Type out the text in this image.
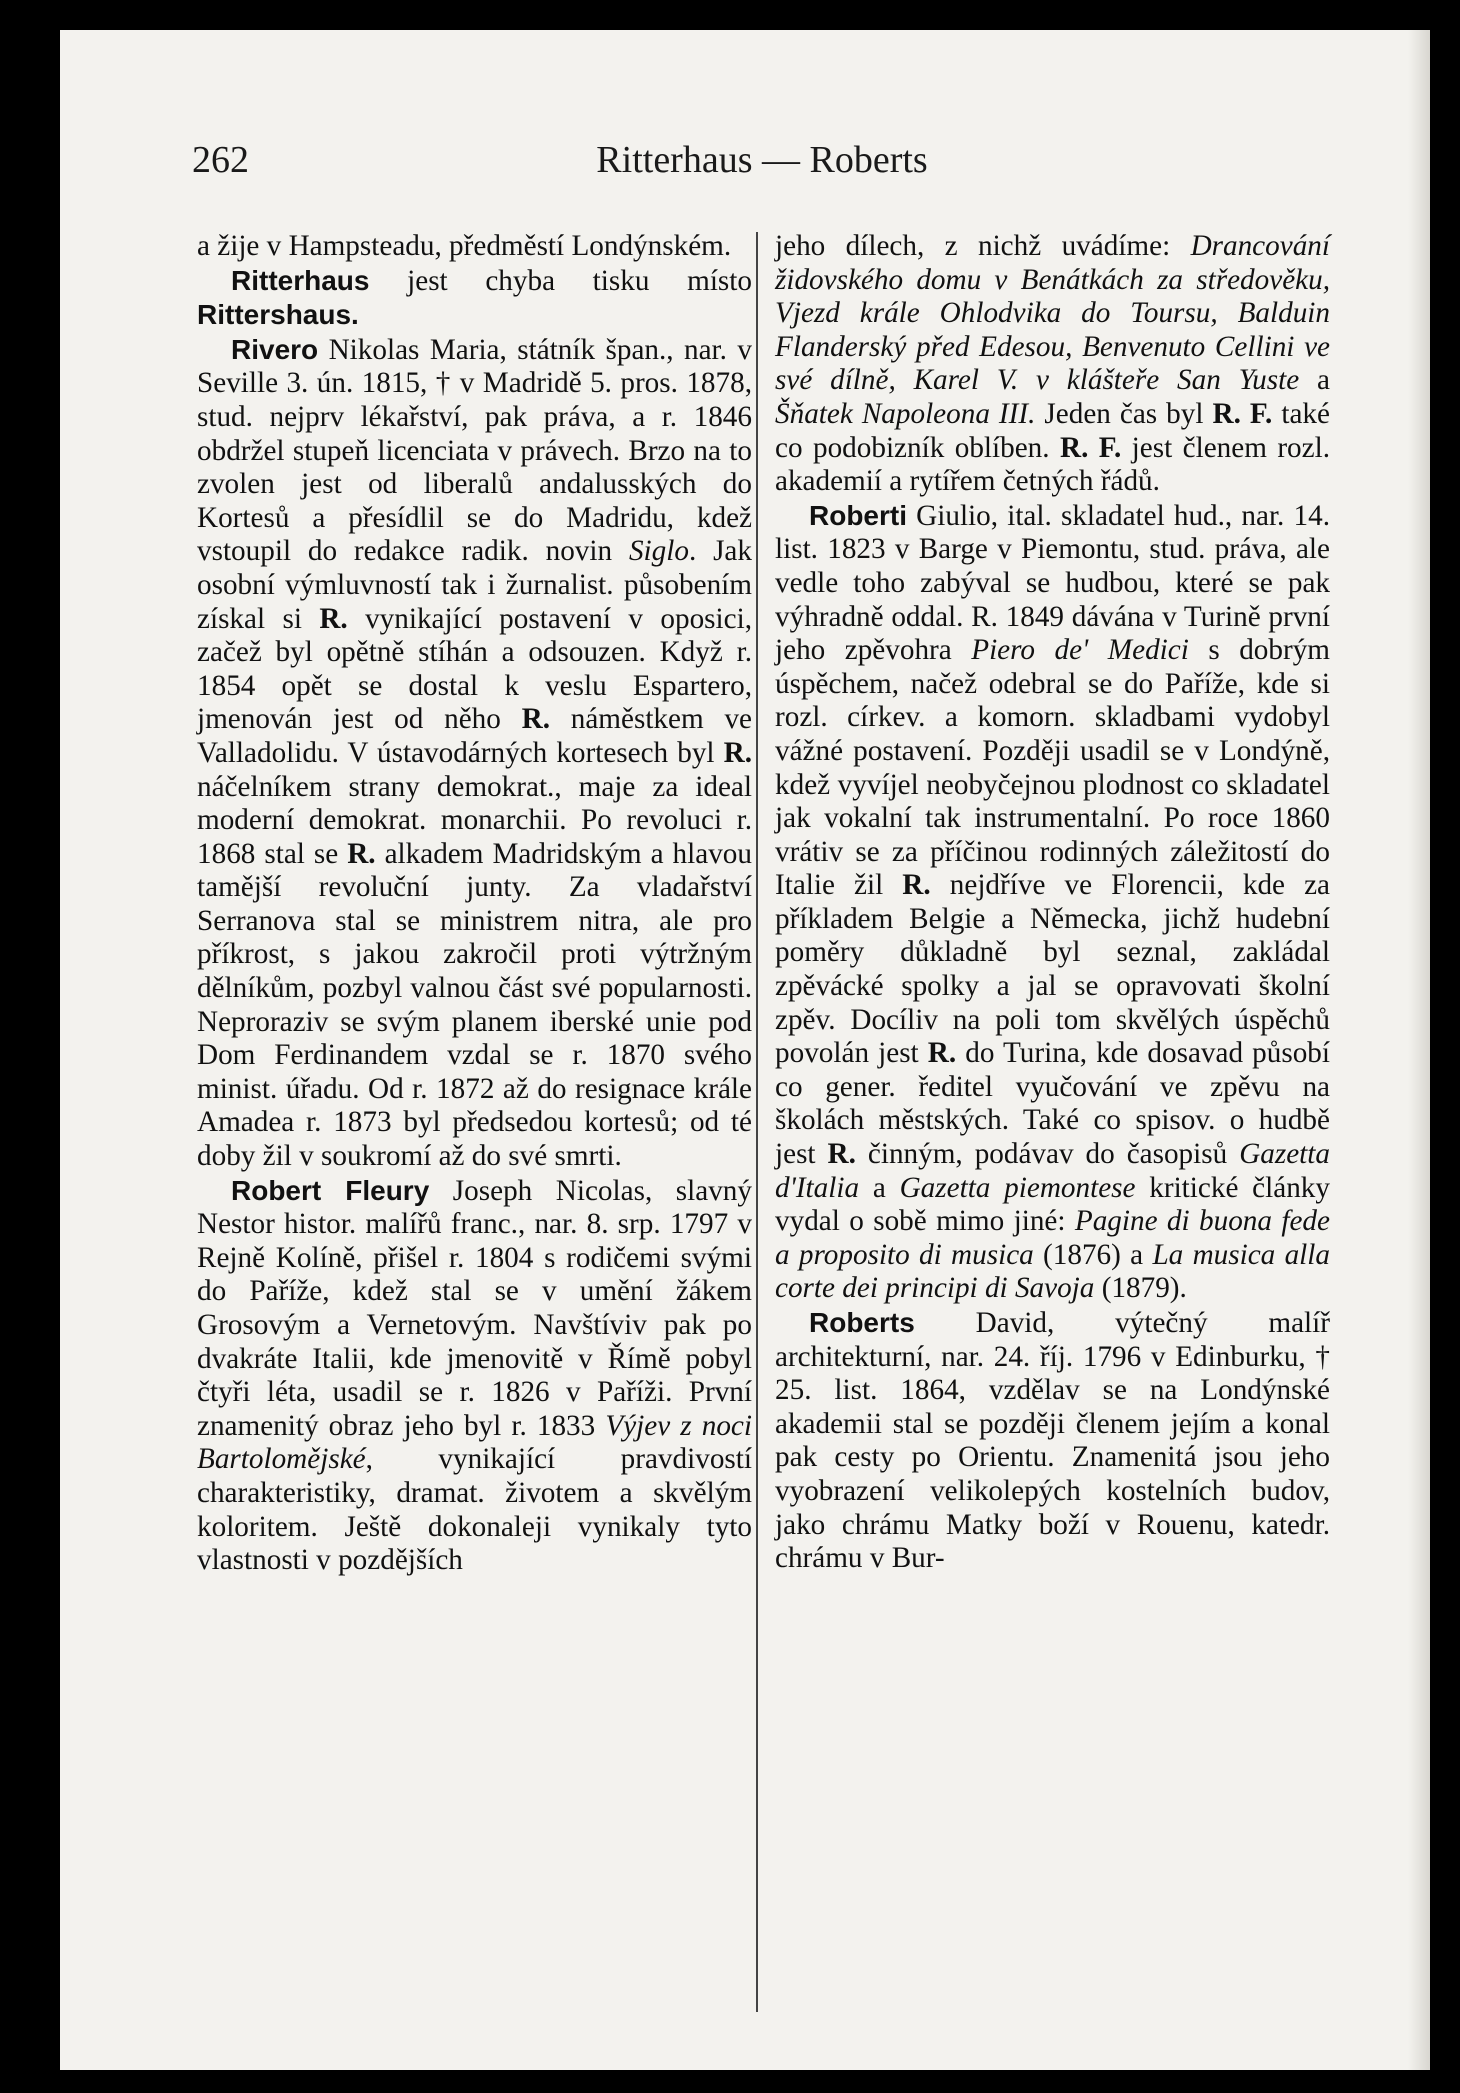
262	Ritterhaus — Roberts

a žije v Hampsteadu, předměstí Londýnském.

Ritterhaus jest chyba tisku místo Rittershaus.

Rivero Nikolas Maria, státník špan., nar. v Seville 3. ún. 1815, † v Madridě 5. pros. 1878, stud. nejprv lékařství, pak práva, a r. 1846 obdržel stupeň licenciata v právech. Brzo na to zvolen jest od liberalů andalusských do Kortesů a přesídlil se do Madridu, kdež vstoupil do redakce radik. novin Siglo. Jak osobní výmluvností tak i žurnalist. působením získal si R. vynikající postavení v oposici, začež byl opětně stíhán a odsouzen. Když r. 1854 opět se dostal k veslu Espartero, jmenován jest od něho R. náměstkem ve Valladolidu. V ústavodárných kortesech byl R. náčelníkem strany demokrat., maje za ideal moderní demokrat. monarchii. Po revoluci r. 1868 stal se R. alkadem Madridským a hlavou tamější revoluční junty. Za vladařství Serranova stal se ministrem nitra, ale pro příkrost, s jakou zakročil proti výtržným dělníkům, pozbyl valnou část své popularnosti. Neproraziv se svým planem iberské unie pod Dom Ferdinandem vzdal se r. 1870 svého minist. úřadu. Od r. 1872 až do resignace krále Amadea r. 1873 byl předsedou kortesů; od té doby žil v soukromí až do své smrti.

Robert Fleury Joseph Nicolas, slavný Nestor histor. malířů franc., nar. 8. srp. 1797 v Rejně Kolíně, přišel r. 1804 s rodičemi svými do Paříže, kdež stal se v umění žákem Grosovým a Vernetovým. Navštíviv pak po dvakráte Italii, kde jmenovitě v Římě pobyl čtyři léta, usadil se r. 1826 v Paříži. První znamenitý obraz jeho byl r. 1833 Výjev z noci Bartolomějské, vynikající pravdivostí charakteristiky, dramat. životem a skvělým koloritem. Ještě dokonaleji vynikaly tyto vlastnosti v pozdějších

jeho dílech, z nichž uvádíme: Drancování židovského domu v Benátkách za středověku, Vjezd krále Ohlodvika do Toursu, Balduin Flanderský před Edesou, Benvenuto Cellini ve své dílně, Karel V. v klášteře San Yuste a Šňatek Napoleona III. Jeden čas byl R. F. také co podobizník oblíben. R. F. jest členem rozl. akademií a rytířem četných řádů.

Roberti Giulio, ital. skladatel hud., nar. 14. list. 1823 v Barge v Piemontu, stud. práva, ale vedle toho zabýval se hudbou, které se pak výhradně oddal. R. 1849 dávána v Turině první jeho zpěvohra Piero de' Medici s dobrým úspěchem, načež odebral se do Paříže, kde si rozl. církev. a komorn. skladbami vydobyl vážné postavení. Později usadil se v Londýně, kdež vyvíjel neobyčejnou plodnost co skladatel jak vokalní tak instrumentalní. Po roce 1860 vrátiv se za příčinou rodinných záležitostí do Italie žil R. nejdříve ve Florencii, kde za příkladem Belgie a Německa, jichž hudební poměry důkladně byl seznal, zakládal zpěvácké spolky a jal se opravovati školní zpěv. Docíliv na poli tom skvělých úspěchů povolán jest R. do Turina, kde dosavad působí co gener. ředitel vyučování ve zpěvu na školách městských. Také co spisov. o hudbě jest R. činným, podávav do časopisů Gazetta d'Italia a Gazetta piemontese kritické články vydal o sobě mimo jiné: Pagine di buona fede a proposito di musica (1876) a La musica alla corte dei principi di Savoja (1879).

Roberts David, výtečný malíř architekturní, nar. 24. říj. 1796 v Edinburku, † 25. list. 1864, vzdělav se na Londýnské akademii stal se později členem jejím a konal pak cesty po Orientu. Znamenitá jsou jeho vyobrazení velikolepých kostelních budov, jako chrámu Matky boží v Rouenu, katedr. chrámu v Bur-
